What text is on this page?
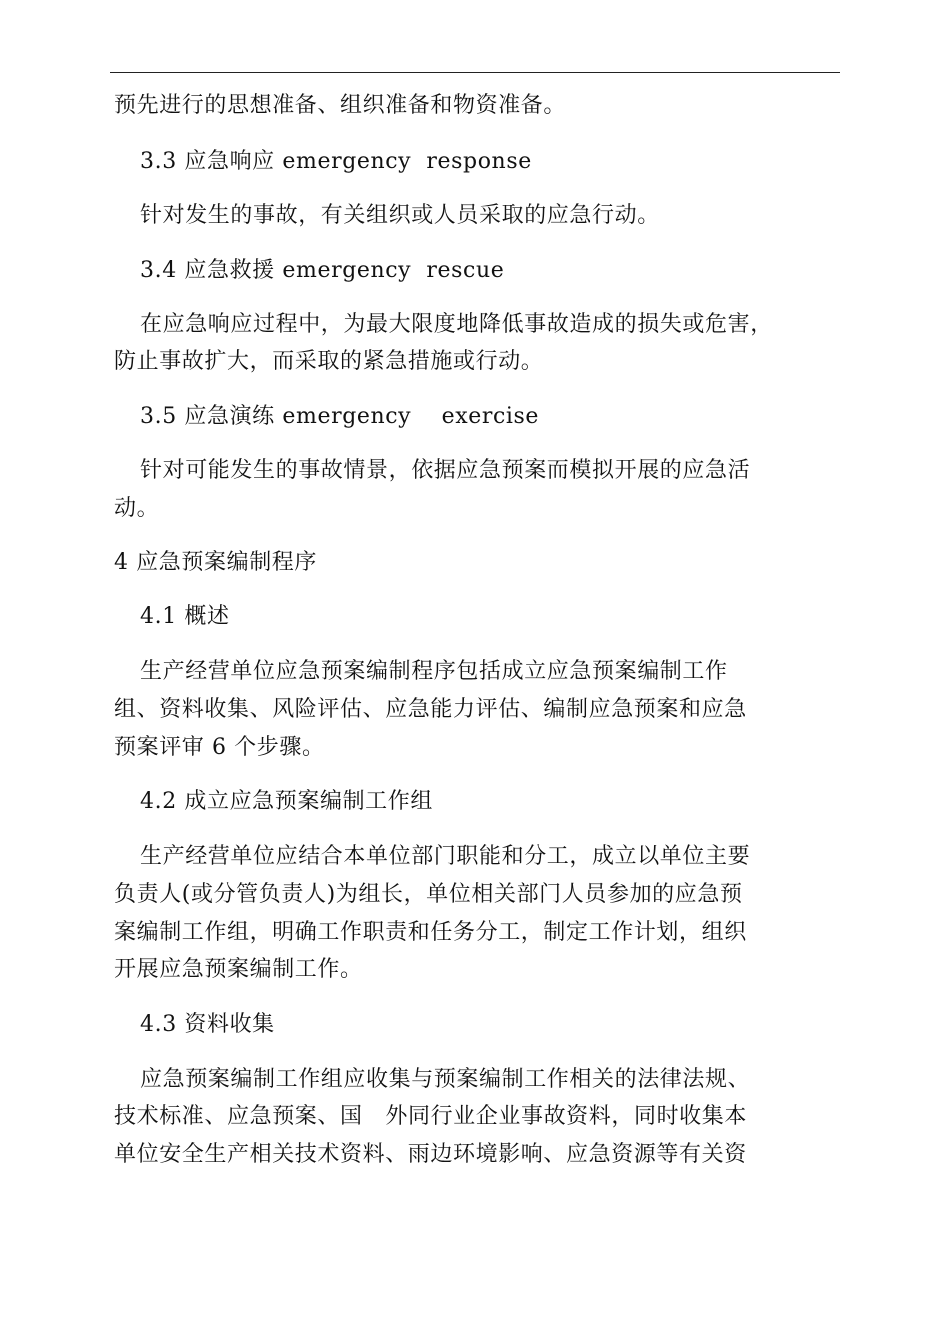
预先进行的思想准备、组织准备和物资准备。
3.3 应急响应 emergency  response
针对发生的事故，有关组织或人员采取的应急行动。
3.4 应急救援 emergency  rescue
在应急响应过程中，为最大限度地降低事故造成的损失或危害，
防止事故扩大，而采取的紧急措施或行动。
3.5 应急演练 emergency    exercise
针对可能发生的事故情景，依据应急预案而模拟开展的应急活
动。
4 应急预案编制程序
4.1 概述
生产经营单位应急预案编制程序包括成立应急预案编制工作
组、资料收集、风险评估、应急能力评估、编制应急预案和应急
预案评审 6 个步骤。
4.2 成立应急预案编制工作组
生产经营单位应结合本单位部门职能和分工，成立以单位主要
负责人(或分管负责人)为组长，单位相关部门人员参加的应急预
案编制工作组，明确工作职责和任务分工，制定工作计划，组织
开展应急预案编制工作。
4.3 资料收集
应急预案编制工作组应收集与预案编制工作相关的法律法规、
技术标准、应急预案、国   外同行业企业事故资料，同时收集本
单位安全生产相关技术资料、雨边环境影响、应急资源等有关资
